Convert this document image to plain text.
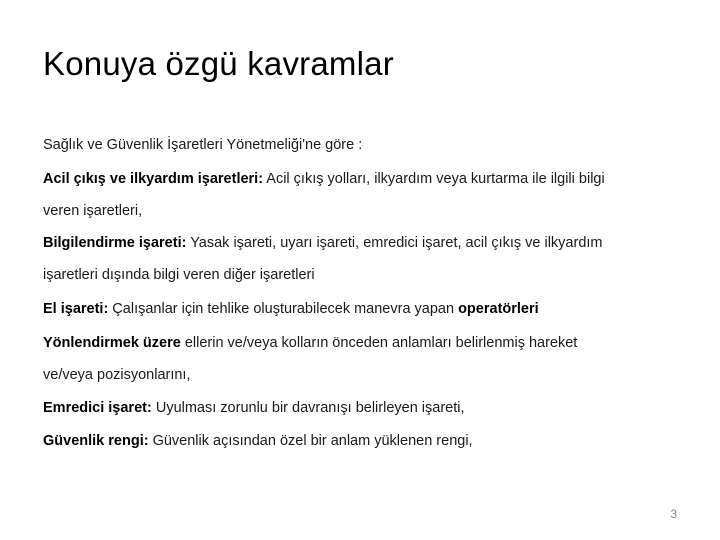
Konuya özgü kavramlar
Sağlık ve Güvenlik İşaretleri Yönetmeliği'ne göre :
Acil çıkış ve ilkyardım işaretleri: Acil çıkış yolları, ilkyardım veya kurtarma ile ilgili bilgi
veren işaretleri,
Bilgilendirme işareti: Yasak işareti, uyarı işareti, emredici işaret, acil çıkış ve ilkyardım
işaretleri dışında bilgi veren diğer işaretleri
El işareti: Çalışanlar için tehlike oluşturabilecek manevra yapan operatörleri
Yönlendirmek üzere ellerin ve/veya kolların önceden anlamları belirlenmiş hareket
ve/veya pozisyonlarını,
Emredici işaret: Uyulması zorunlu bir davranışı belirleyen işareti,
Güvenlik rengi: Güvenlik açısından özel bir anlam yüklenen rengi,
3
